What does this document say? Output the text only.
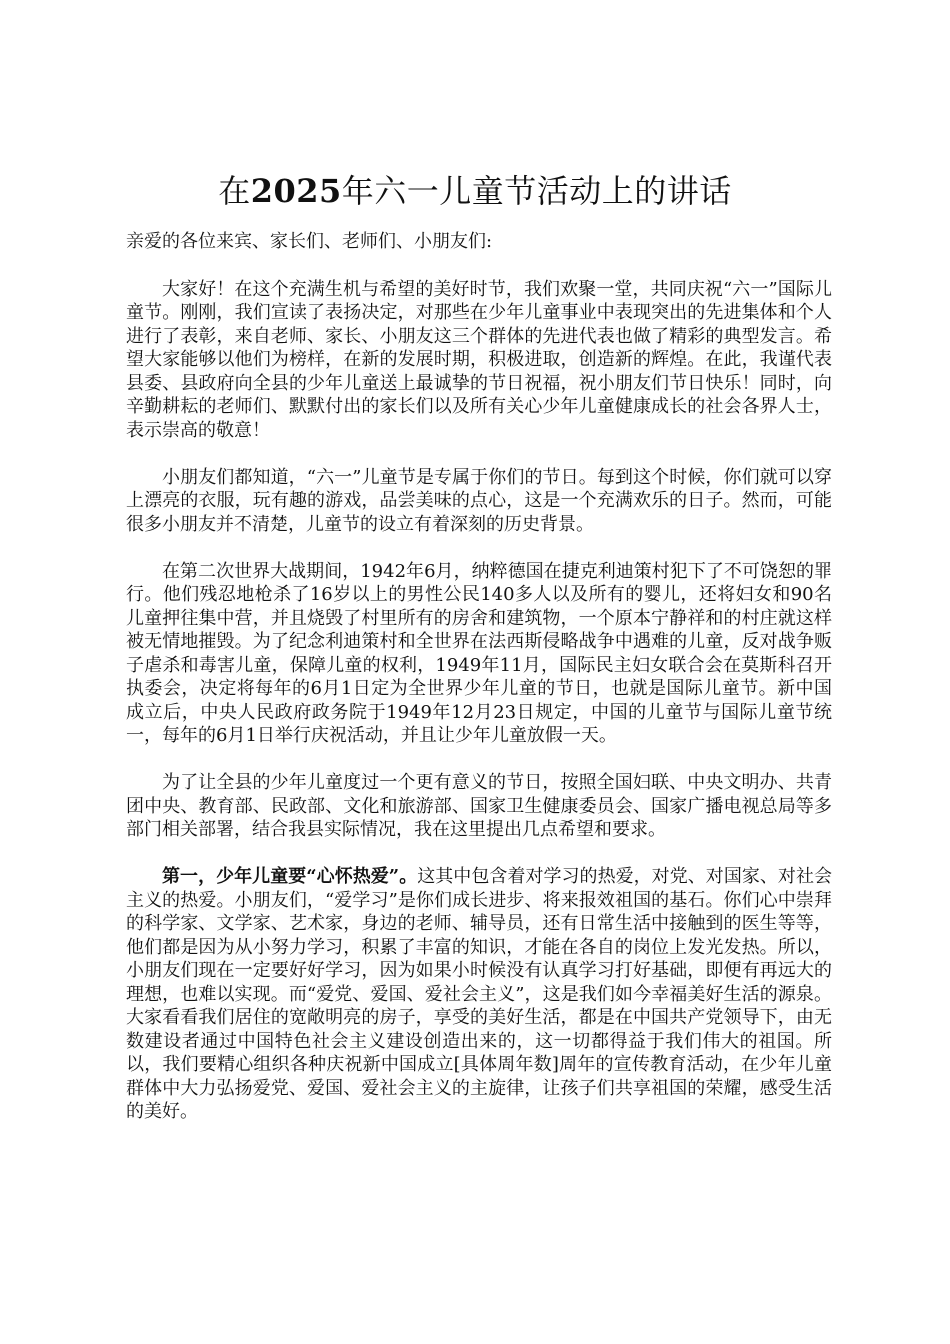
在2025年六一儿童节活动上的讲话
亲爱的各位来宾、家长们、老师们、小朋友们:

大家好！在这个充满生机与希望的美好时节，我们欢聚一堂，共同庆祝“六一”国际儿童节。刚刚，我们宣读了表扬决定，对那些在少年儿童事业中表现突出的先进集体和个人进行了表彰，来自老师、家长、小朋友这三个群体的先进代表也做了精彩的典型发言。希望大家能够以他们为榜样，在新的发展时期，积极进取，创造新的辉煌。在此，我谨代表县委、县政府向全县的少年儿童送上最诚挚的节日祝福，祝小朋友们节日快乐！同时，向辛勤耕耘的老师们、默默付出的家长们以及所有关心少年儿童健康成长的社会各界人士，表示崇高的敬意！

小朋友们都知道，“六一”儿童节是专属于你们的节日。每到这个时候，你们就可以穿上漂亮的衣服，玩有趣的游戏，品尝美味的点心，这是一个充满欢乐的日子。然而，可能很多小朋友并不清楚，儿童节的设立有着深刻的历史背景。

在第二次世界大战期间，1942年6月，纳粹德国在捷克利迪策村犯下了不可饶恕的罪行。他们残忍地枪杀了16岁以上的男性公民140多人以及所有的婴儿，还将妇女和90名儿童押往集中营，并且烧毁了村里所有的房舍和建筑物，一个原本宁静祥和的村庄就这样被无情地摧毁。为了纪念利迪策村和全世界在法西斯侵略战争中遇难的儿童，反对战争贩子虐杀和毒害儿童，保障儿童的权利，1949年11月，国际民主妇女联合会在莫斯科召开执委会，决定将每年的6月1日定为全世界少年儿童的节日，也就是国际儿童节。新中国成立后，中央人民政府政务院于1949年12月23日规定，中国的儿童节与国际儿童节统一，每年的6月1日举行庆祝活动，并且让少年儿童放假一天。

为了让全县的少年儿童度过一个更有意义的节日，按照全国妇联、中央文明办、共青团中央、教育部、民政部、文化和旅游部、国家卫生健康委员会、国家广播电视总局等多部门相关部署，结合我县实际情况，我在这里提出几点希望和要求。

第一，少年儿童要“心怀热爱”。这其中包含着对学习的热爱，对党、对国家、对社会主义的热爱。小朋友们，“爱学习”是你们成长进步、将来报效祖国的基石。你们心中崇拜的科学家、文学家、艺术家，身边的老师、辅导员，还有日常生活中接触到的医生等等，他们都是因为从小努力学习，积累了丰富的知识，才能在各自的岗位上发光发热。所以，小朋友们现在一定要好好学习，因为如果小时候没有认真学习打好基础，即便有再远大的理想，也难以实现。而“爱党、爱国、爱社会主义”，这是我们如今幸福美好生活的源泉。大家看看我们居住的宽敞明亮的房子，享受的美好生活，都是在中国共产党领导下，由无数建设者通过中国特色社会主义建设创造出来的，这一切都得益于我们伟大的祖国。所以，我们要精心组织各种庆祝新中国成立[具体周年数]周年的宣传教育活动，在少年儿童群体中大力弘扬爱党、爱国、爱社会主义的主旋律，让孩子们共享祖国的荣耀，感受生活的美好。
